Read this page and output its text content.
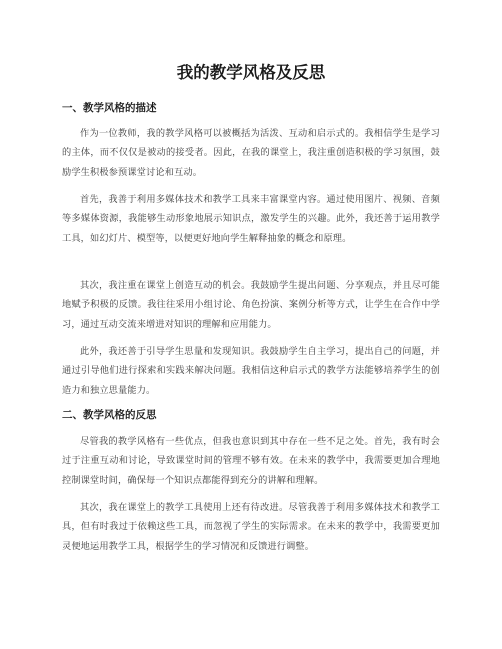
我的教学风格及反思
一、教学风格的描述

作为一位教师，我的教学风格可以被概括为活泼、互动和启示式的。我相信学生是学习的主体，而不仅仅是被动的接受者。因此，在我的课堂上，我注重创造积极的学习氛围，鼓励学生积极参预课堂讨论和互动。

首先，我善于利用多媒体技术和教学工具来丰富课堂内容。通过使用图片、视频、音频等多媒体资源，我能够生动形象地展示知识点，激发学生的兴趣。此外，我还善于运用教学工具，如幻灯片、模型等，以便更好地向学生解释抽象的概念和原理。

其次，我注重在课堂上创造互动的机会。我鼓励学生提出问题、分享观点，并且尽可能地赋予积极的反馈。我往往采用小组讨论、角色扮演、案例分析等方式，让学生在合作中学习，通过互动交流来增进对知识的理解和应用能力。

此外，我还善于引导学生思量和发现知识。我鼓励学生自主学习，提出自己的问题，并通过引导他们进行探索和实践来解决问题。我相信这种启示式的教学方法能够培养学生的创造力和独立思量能力。

二、教学风格的反思

尽管我的教学风格有一些优点，但我也意识到其中存在一些不足之处。首先，我有时会过于注重互动和讨论，导致课堂时间的管理不够有效。在未来的教学中，我需要更加合理地控制课堂时间，确保每一个知识点都能得到充分的讲解和理解。

其次，我在课堂上的教学工具使用上还有待改进。尽管我善于利用多媒体技术和教学工具，但有时我过于依赖这些工具，而忽视了学生的实际需求。在未来的教学中，我需要更加灵便地运用教学工具，根据学生的学习情况和反馈进行调整。
